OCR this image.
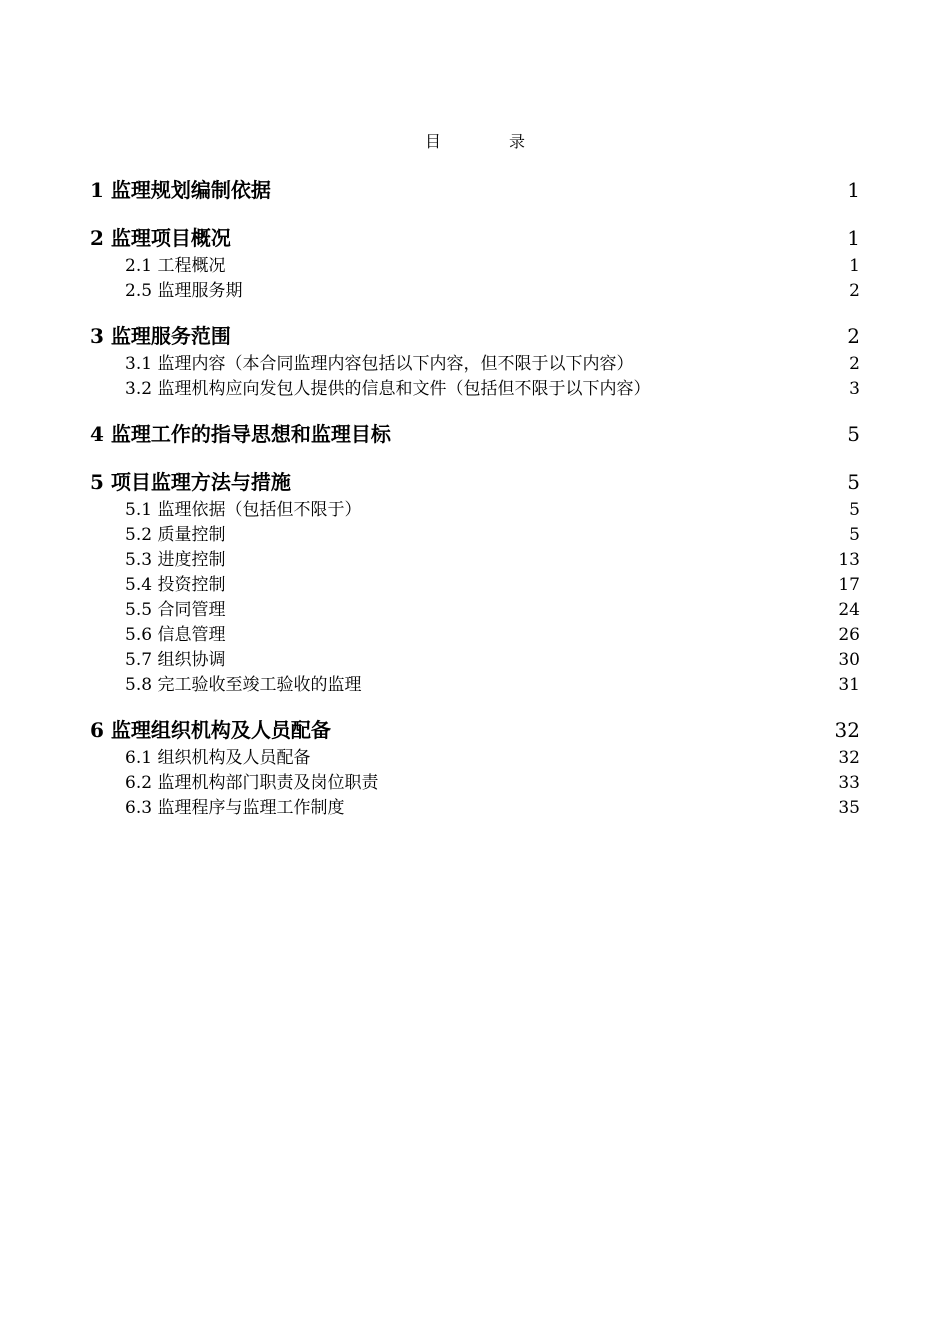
目　录
1 监理规划编制依据	1
2 监理项目概况	1
2.1 工程概况	1
2.5 监理服务期	2
3 监理服务范围	2
3.1 监理内容（本合同监理内容包括以下内容，但不限于以下内容）	2
3.2 监理机构应向发包人提供的信息和文件（包括但不限于以下内容）	3
4 监理工作的指导思想和监理目标	5
5 项目监理方法与措施	5
5.1 监理依据（包括但不限于）	5
5.2 质量控制	5
5.3 进度控制	13
5.4 投资控制	17
5.5 合同管理	24
5.6 信息管理	26
5.7 组织协调	30
5.8 完工验收至竣工验收的监理	31
6 监理组织机构及人员配备	32
6.1 组织机构及人员配备	32
6.2 监理机构部门职责及岗位职责	33
6.3 监理程序与监理工作制度	35
